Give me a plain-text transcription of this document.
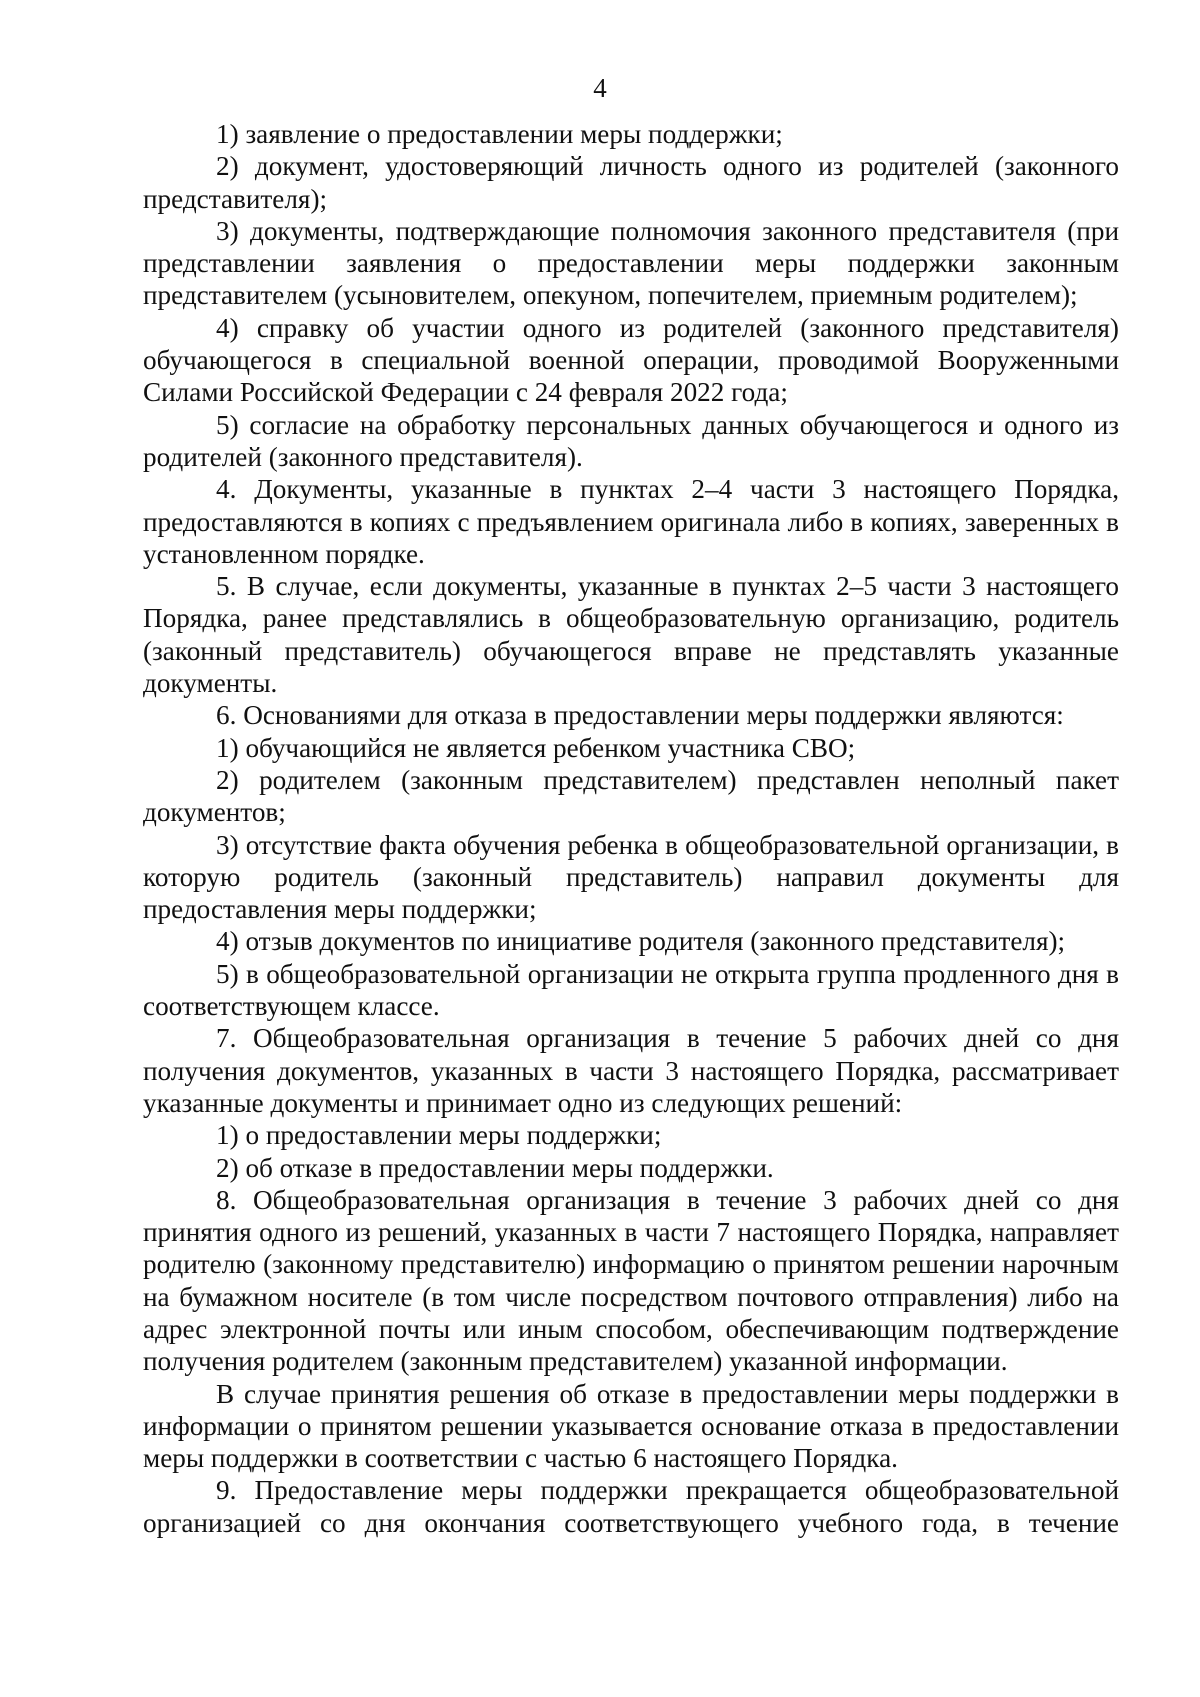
4

1) заявление о предоставлении меры поддержки;

2) документ, удостоверяющий личность одного из родителей (законного представителя);

3) документы, подтверждающие полномочия законного представителя (при представлении заявления о предоставлении меры поддержки законным представителем (усыновителем, опекуном, попечителем, приемным родителем);

4) справку об участии одного из родителей (законного представителя) обучающегося в специальной военной операции, проводимой Вооруженными Силами Российской Федерации с 24 февраля 2022 года;

5) согласие на обработку персональных данных обучающегося и одного из родителей (законного представителя).

4. Документы, указанные в пунктах 2–4 части 3 настоящего Порядка, предоставляются в копиях с предъявлением оригинала либо в копиях, заверенных в установленном порядке.

5. В случае, если документы, указанные в пунктах 2–5 части 3 настоящего Порядка, ранее представлялись в общеобразовательную организацию, родитель (законный представитель) обучающегося вправе не представлять указанные документы.

6. Основаниями для отказа в предоставлении меры поддержки являются:

1) обучающийся не является ребенком участника СВО;

2) родителем (законным представителем) представлен неполный пакет документов;

3) отсутствие факта обучения ребенка в общеобразовательной организации, в которую родитель (законный представитель) направил документы для предоставления меры поддержки;

4) отзыв документов по инициативе родителя (законного представителя);

5) в общеобразовательной организации не открыта группа продленного дня в соответствующем классе.

7. Общеобразовательная организация в течение 5 рабочих дней со дня получения документов, указанных в части 3 настоящего Порядка, рассматривает указанные документы и принимает одно из следующих решений:

1) о предоставлении меры поддержки;

2) об отказе в предоставлении меры поддержки.

8. Общеобразовательная организация в течение 3 рабочих дней со дня принятия одного из решений, указанных в части 7 настоящего Порядка, направляет родителю (законному представителю) информацию о принятом решении нарочным на бумажном носителе (в том числе посредством почтового отправления) либо на адрес электронной почты или иным способом, обеспечивающим подтверждение получения родителем (законным представителем) указанной информации.

В случае принятия решения об отказе в предоставлении меры поддержки в информации о принятом решении указывается основание отказа в предоставлении меры поддержки в соответствии с частью 6 настоящего Порядка.

9. Предоставление меры поддержки прекращается общеобразовательной организацией со дня окончания соответствующего учебного года, в течение
